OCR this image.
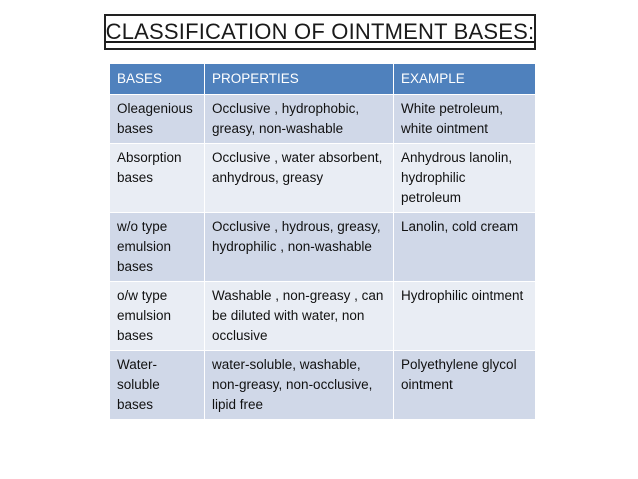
CLASSIFICATION OF OINTMENT BASES:
BASES	PROPERTIES	EXAMPLE
Oleagenious bases	Occlusive , hydrophobic, greasy, non-washable	White petroleum, white ointment
Absorption bases	Occlusive , water absorbent, anhydrous, greasy	Anhydrous lanolin, hydrophilic petroleum
w/o type emulsion bases	Occlusive , hydrous, greasy, hydrophilic , non-washable	Lanolin, cold cream
o/w type emulsion bases	Washable , non-greasy , can be diluted with water, non occlusive	Hydrophilic ointment
Water-soluble bases	water-soluble, washable, non-greasy, non-occlusive, lipid free	Polyethylene glycol ointment
